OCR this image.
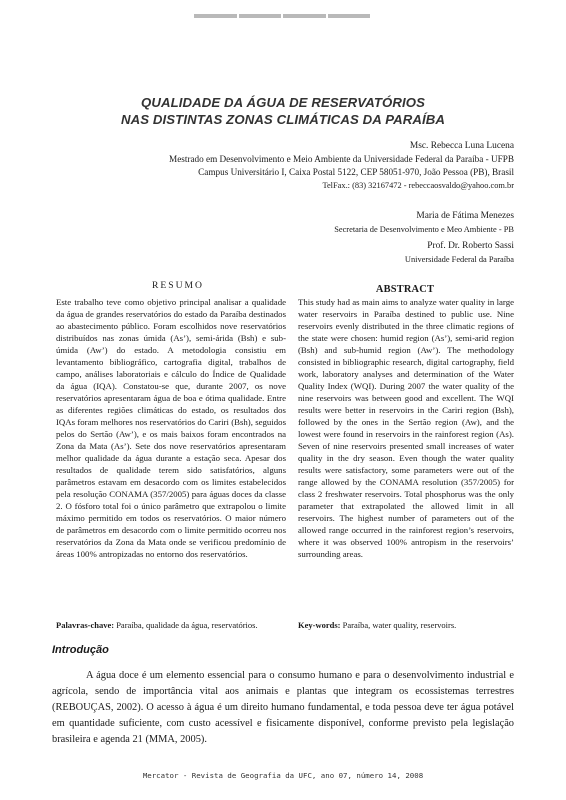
QUALIDADE DA ÁGUA DE RESERVATÓRIOS
NAS DISTINTAS ZONAS CLIMÁTICAS DA PARAÍBA
Msc. Rebecca Luna Lucena
Mestrado em Desenvolvimento e Meio Ambiente da Universidade Federal da Paraíba - UFPB
Campus Universitário I, Caixa Postal 5122, CEP 58051-970, João Pessoa (PB), Brasil
TelFax.: (83) 32167472 - rebeccaosvaldo@yahoo.com.br
Maria de Fátima Menezes
Secretaria de Desenvolvimento e Meo Ambiente - PB
Prof. Dr. Roberto Sassi
Universidade Federal da Paraíba
RESUMO	ABSTRACT
Este trabalho teve como objetivo principal analisar a qualidade da água de grandes reservatórios do estado da Paraíba destinados ao abastecimento público. Foram escolhidos nove reservatórios distribuídos nas zonas úmida (As’), semi-árida (Bsh) e sub-úmida (Aw’) do estado. A metodologia consistiu em levantamento bibliográfico, cartografia digital, trabalhos de campo, análises laboratoriais e cálculo do Índice de Qualidade da água (IQA). Constatou-se que, durante 2007, os nove reservatórios apresentaram água de boa e ótima qualidade. Entre as diferentes regiões climáticas do estado, os resultados dos IQAs foram melhores nos reservatórios do Cariri (Bsh), seguidos pelos do Sertão (Aw’), e os mais baixos foram encontrados na Zona da Mata (As’). Sete dos nove reservatórios apresentaram melhor qualidade da água durante a estação seca. Apesar dos resultados de qualidade terem sido satisfatórios, alguns parâmetros estavam em desacordo com os limites estabelecidos pela resolução CONAMA (357/2005) para águas doces da classe 2. O fósforo total foi o único parâmetro que extrapolou o limite máximo permitido em todos os reservatórios. O maior número de parâmetros em desacordo com o limite permitido ocorreu nos reservatórios da Zona da Mata onde se verificou predomínio de áreas 100% antropizadas no entorno dos reservatórios.
This study had as main aims to analyze water quality in large water reservoirs in Paraíba destined to public use. Nine reservoirs evenly distributed in the three climatic regions of the state were chosen: humid region (As’), semi-arid region (Bsh) and sub-humid region (Aw’). The methodology consisted in bibliographic research, digital cartography, field work, laboratory analyses and determination of the Water Quality Index (WQI). During 2007 the water quality of the nine reservoirs was between good and excellent. The WQI results were better in reservoirs in the Cariri region (Bsh), followed by the ones in the Sertão region (Aw), and the lowest were found in reservoirs in the rainforest region (As). Seven of nine reservoirs presented small increases of water quality in the dry season. Even though the water quality results were satisfactory, some parameters were out of the range allowed by the CONAMA resolution (357/2005) for class 2 freshwater reservoirs. Total phosphorus was the only parameter that extrapolated the allowed limit in all reservoirs. The highest number of parameters out of the allowed range occurred in the rainforest region’s reservoirs, where it was observed 100% antropism in the reservoirs’ surrounding areas.
Palavras-chave: Paraíba, qualidade da água, reservatórios.	Key-words: Paraíba, water quality, reservoirs.
Introdução

A água doce é um elemento essencial para o consumo humano e para o desenvolvimento industrial e agrícola, sendo de importância vital aos animais e plantas que integram os ecossistemas terrestres (REBOUÇAS, 2002). O acesso à água é um direito humano fundamental, e toda pessoa deve ter água potável em quantidade suficiente, com custo acessível e fisicamente disponível, conforme previsto pela legislação brasileira e agenda 21 (MMA, 2005).

Mercator - Revista de Geografia da UFC, ano 07, número 14, 2008
